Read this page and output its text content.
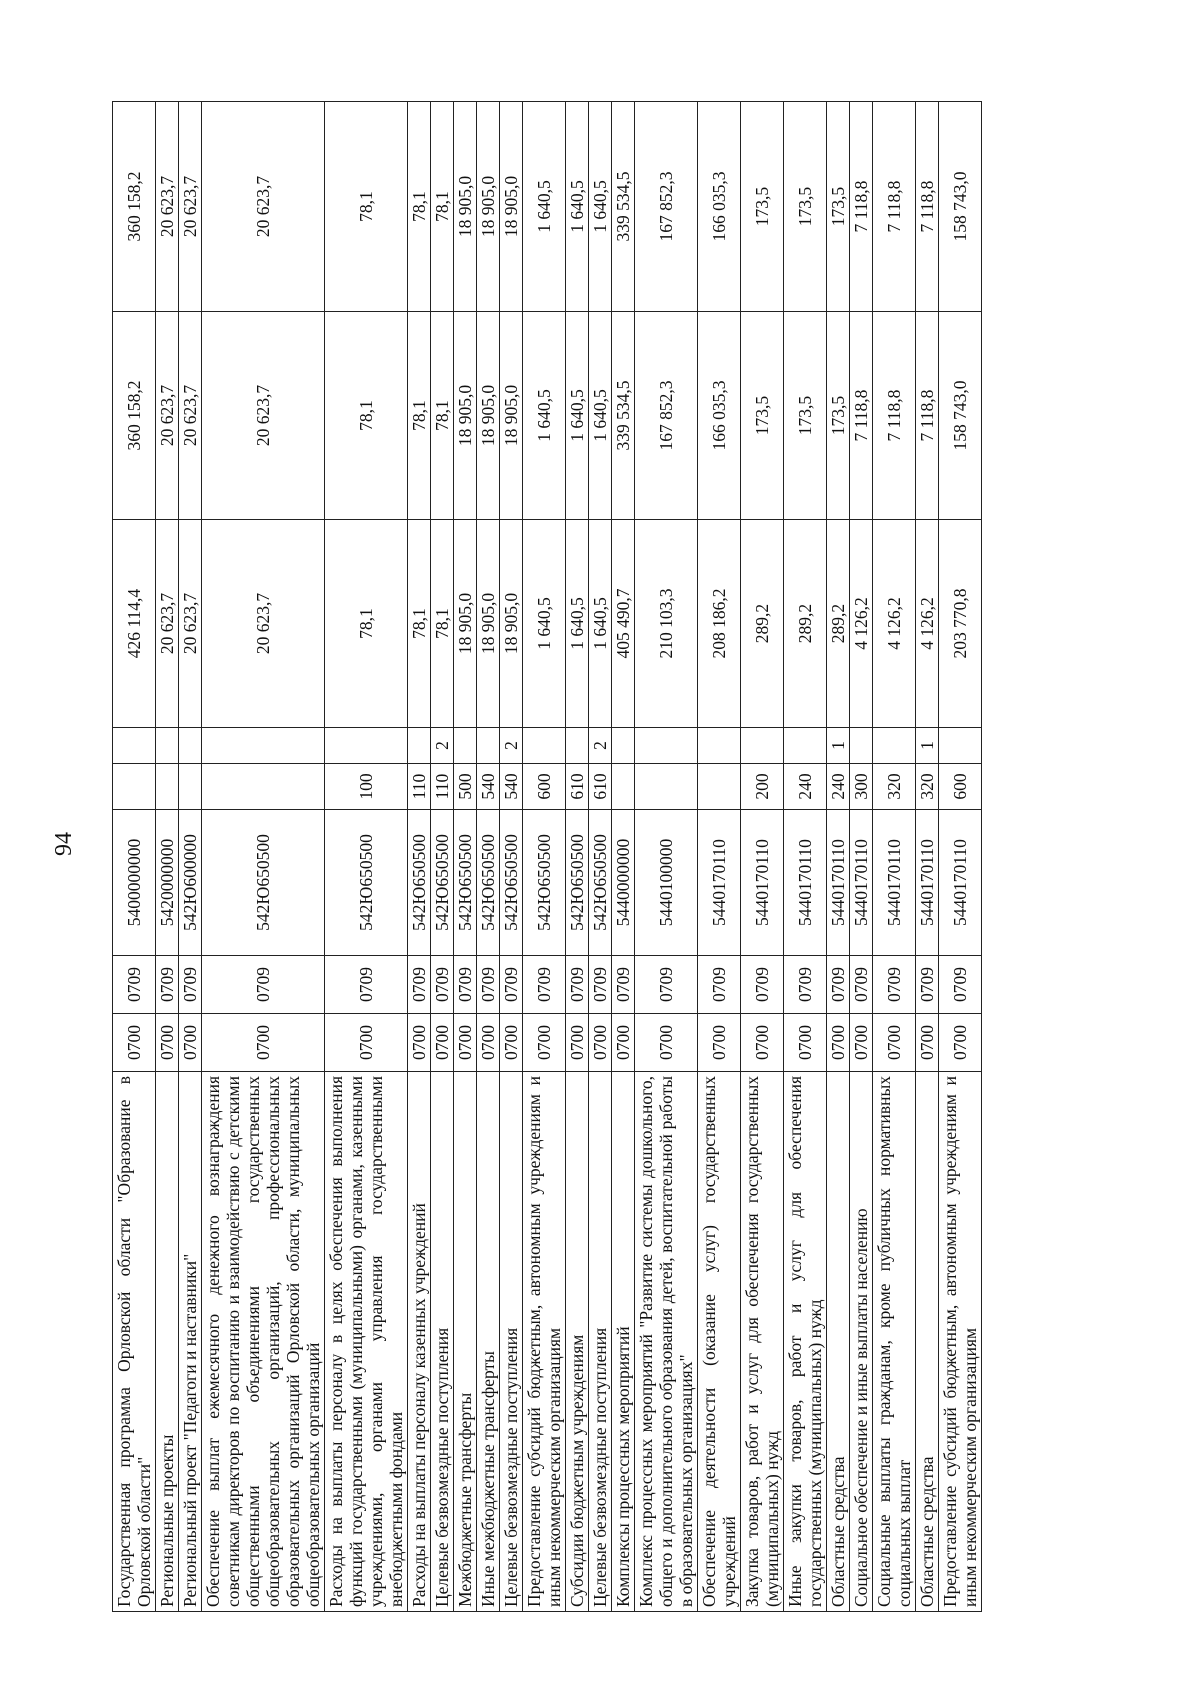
94
Государственная программа Орловской области "Образование в Орловской области"	0700	0709	5400000000			426 114,4	360 158,2	360 158,2
Региональные проекты	0700	0709	5420000000			20 623,7	20 623,7	20 623,7
Региональный проект "Педагоги и наставники"	0700	0709	542Ю600000			20 623,7	20 623,7	20 623,7
Обеспечение выплат ежемесячного денежного вознаграждения советникам директоров по воспитанию и взаимодействию с детскими общественными объединениями государственных общеобразовательных организаций, профессиональных образовательных организаций Орловской области, муниципальных общеобразовательных организаций	0700	0709	542Ю650500			20 623,7	20 623,7	20 623,7
Расходы на выплаты персоналу в целях обеспечения выполнения функций государственными (муниципальными) органами, казенными учреждениями, органами управления государственными внебюджетными фондами	0700	0709	542Ю650500	100		78,1	78,1	78,1
Расходы на выплаты персоналу казенных учреждений	0700	0709	542Ю650500	110		78,1	78,1	78,1
Целевые безвозмездные поступления	0700	0709	542Ю650500	110	2	78,1	78,1	78,1
Межбюджетные трансферты	0700	0709	542Ю650500	500		18 905,0	18 905,0	18 905,0
Иные межбюджетные трансферты	0700	0709	542Ю650500	540		18 905,0	18 905,0	18 905,0
Целевые безвозмездные поступления	0700	0709	542Ю650500	540	2	18 905,0	18 905,0	18 905,0
Предоставление субсидий бюджетным, автономным учреждениям и иным некоммерческим организациям	0700	0709	542Ю650500	600		1 640,5	1 640,5	1 640,5
Субсидии бюджетным учреждениям	0700	0709	542Ю650500	610		1 640,5	1 640,5	1 640,5
Целевые безвозмездные поступления	0700	0709	542Ю650500	610	2	1 640,5	1 640,5	1 640,5
Комплексы процессных мероприятий	0700	0709	5440000000			405 490,7	339 534,5	339 534,5
Комплекс процессных мероприятий "Развитие системы дошкольного, общего и дополнительного образования детей, воспитательной работы в образовательных организациях"	0700	0709	5440100000			210 103,3	167 852,3	167 852,3
Обеспечение деятельности (оказание услуг) государственных учреждений	0700	0709	5440170110			208 186,2	166 035,3	166 035,3
Закупка товаров, работ и услуг для обеспечения государственных (муниципальных) нужд	0700	0709	5440170110	200		289,2	173,5	173,5
Иные закупки товаров, работ и услуг для обеспечения государственных (муниципальных) нужд	0700	0709	5440170110	240		289,2	173,5	173,5
Областные средства	0700	0709	5440170110	240	1	289,2	173,5	173,5
Социальное обеспечение и иные выплаты населению	0700	0709	5440170110	300		4 126,2	7 118,8	7 118,8
Социальные выплаты гражданам, кроме публичных нормативных социальных выплат	0700	0709	5440170110	320		4 126,2	7 118,8	7 118,8
Областные средства	0700	0709	5440170110	320	1	4 126,2	7 118,8	7 118,8
Предоставление субсидий бюджетным, автономным учреждениям и иным некоммерческим организациям	0700	0709	5440170110	600		203 770,8	158 743,0	158 743,0
